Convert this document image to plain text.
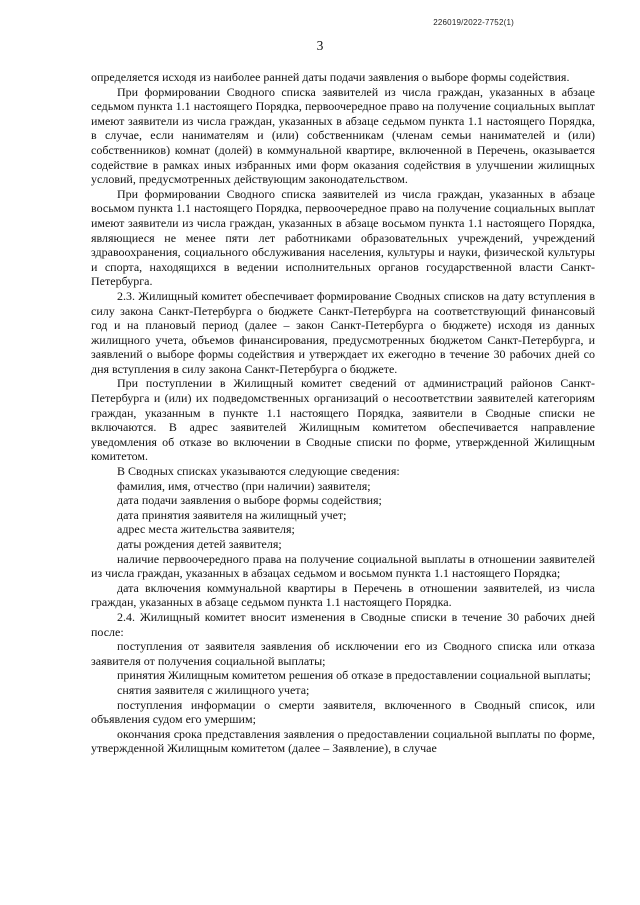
226019/2022-7752(1)
3

определяется исходя из наиболее ранней даты подачи заявления о выборе формы содействия.

При формировании Сводного списка заявителей из числа граждан, указанных в абзаце седьмом пункта 1.1 настоящего Порядка, первоочередное право на получение социальных выплат имеют заявители из числа граждан, указанных в абзаце седьмом пункта 1.1 настоящего Порядка, в случае, если нанимателям и (или) собственникам (членам семьи нанимателей и (или) собственников) комнат (долей) в коммунальной квартире, включенной в Перечень, оказывается содействие в рамках иных избранных ими форм оказания содействия в улучшении жилищных условий, предусмотренных действующим законодательством.

При формировании Сводного списка заявителей из числа граждан, указанных в абзаце восьмом пункта 1.1 настоящего Порядка, первоочередное право на получение социальных выплат имеют заявители из числа граждан, указанных в абзаце восьмом пункта 1.1 настоящего Порядка, являющиеся не менее пяти лет работниками образовательных учреждений, учреждений здравоохранения, социального обслуживания населения, культуры и науки, физической культуры и спорта, находящихся в ведении исполнительных органов государственной власти Санкт-Петербурга.

2.3. Жилищный комитет обеспечивает формирование Сводных списков на дату вступления в силу закона Санкт-Петербурга о бюджете Санкт-Петербурга на соответствующий финансовый год и на плановый период (далее – закон Санкт-Петербурга о бюджете) исходя из данных жилищного учета, объемов финансирования, предусмотренных бюджетом Санкт-Петербурга, и заявлений о выборе формы содействия и утверждает их ежегодно в течение 30 рабочих дней со дня вступления в силу закона Санкт-Петербурга о бюджете.

При поступлении в Жилищный комитет сведений от администраций районов Санкт-Петербурга и (или) их подведомственных организаций о несоответствии заявителей категориям граждан, указанным в пункте 1.1 настоящего Порядка, заявители в Сводные списки не включаются. В адрес заявителей Жилищным комитетом обеспечивается направление уведомления об отказе во включении в Сводные списки по форме, утвержденной Жилищным комитетом.

В Сводных списках указываются следующие сведения:

фамилия, имя, отчество (при наличии) заявителя;

дата подачи заявления о выборе формы содействия;

дата принятия заявителя на жилищный учет;

адрес места жительства заявителя;

даты рождения детей заявителя;

наличие первоочередного права на получение социальной выплаты в отношении заявителей из числа граждан, указанных в абзацах седьмом и восьмом пункта 1.1 настоящего Порядка;

дата включения коммунальной квартиры в Перечень в отношении заявителей, из числа граждан, указанных в абзаце седьмом пункта 1.1 настоящего Порядка.

2.4. Жилищный комитет вносит изменения в Сводные списки в течение 30 рабочих дней после:

поступления от заявителя заявления об исключении его из Сводного списка или отказа заявителя от получения социальной выплаты;

принятия Жилищным комитетом решения об отказе в предоставлении социальной выплаты;

снятия заявителя с жилищного учета;

поступления информации о смерти заявителя, включенного в Сводный список, или объявления судом его умершим;

окончания срока представления заявления о предоставлении социальной выплаты по форме, утвержденной Жилищным комитетом (далее – Заявление), в случае
